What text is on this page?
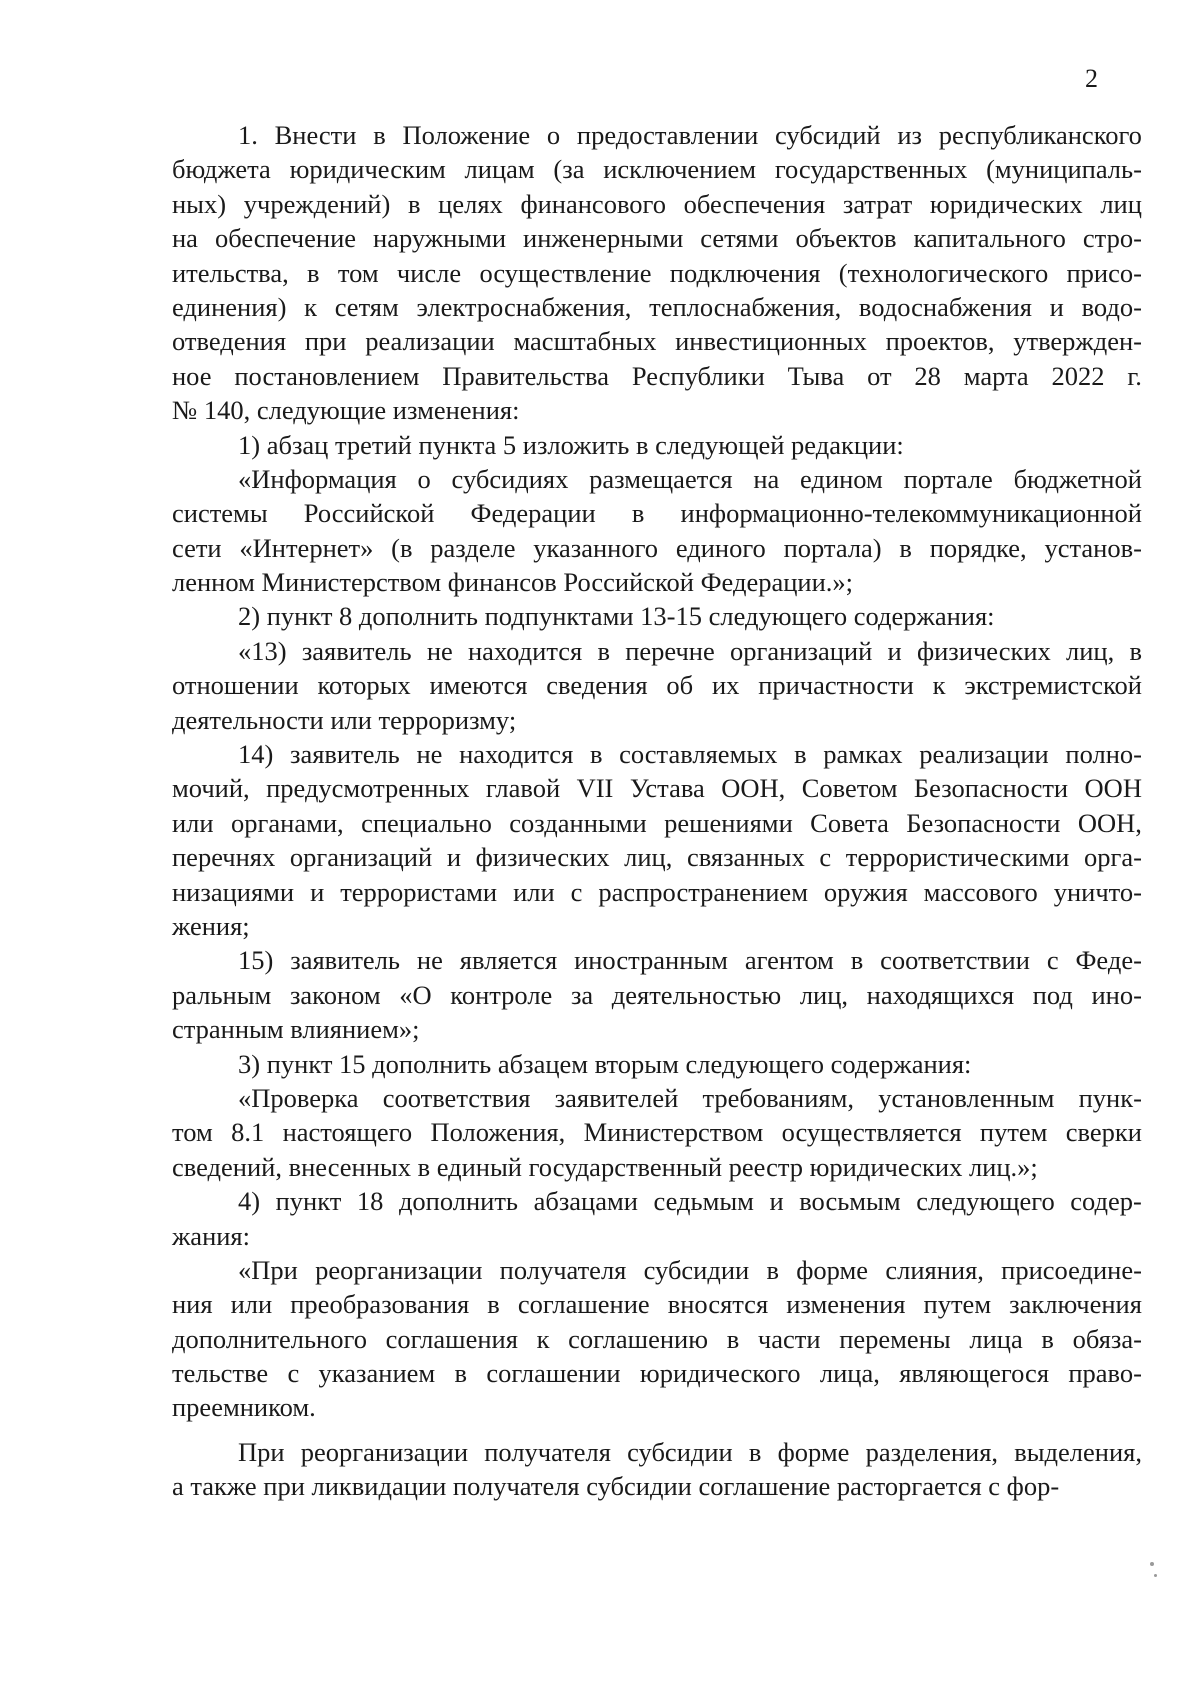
2
1. Внести в Положение о предоставлении субсидий из республиканского
бюджета юридическим лицам (за исключением государственных (муниципаль-
ных) учреждений) в целях финансового обеспечения затрат юридических лиц
на обеспечение наружными инженерными сетями объектов капитального стро-
ительства, в том числе осуществление подключения (технологического присо-
единения) к сетям электроснабжения, теплоснабжения, водоснабжения и водо-
отведения при реализации масштабных инвестиционных проектов, утвержден-
ное постановлением Правительства Республики Тыва от 28 марта 2022 г.
№ 140, следующие изменения:
1) абзац третий пункта 5 изложить в следующей редакции:
«Информация о субсидиях размещается на едином портале бюджетной
системы Российской Федерации в информационно-телекоммуникационной
сети «Интернет» (в разделе указанного единого портала) в порядке, установ-
ленном Министерством финансов Российской Федерации.»;
2) пункт 8 дополнить подпунктами 13-15 следующего содержания:
«13) заявитель не находится в перечне организаций и физических лиц, в
отношении которых имеются сведения об их причастности к экстремистской
деятельности или терроризму;
14) заявитель не находится в составляемых в рамках реализации полно-
мочий, предусмотренных главой VII Устава ООН, Советом Безопасности ООН
или органами, специально созданными решениями Совета Безопасности ООН,
перечнях организаций и физических лиц, связанных с террористическими орга-
низациями и террористами или с распространением оружия массового уничто-
жения;
15) заявитель не является иностранным агентом в соответствии с Феде-
ральным законом «О контроле за деятельностью лиц, находящихся под ино-
странным влиянием»;
3) пункт 15 дополнить абзацем вторым следующего содержания:
«Проверка соответствия заявителей требованиям, установленным пунк-
том 8.1 настоящего Положения, Министерством осуществляется путем сверки
сведений, внесенных в единый государственный реестр юридических лиц.»;
4) пункт 18 дополнить абзацами седьмым и восьмым следующего содер-
жания:
«При реорганизации получателя субсидии в форме слияния, присоедине-
ния или преобразования в соглашение вносятся изменения путем заключения
дополнительного соглашения к соглашению в части перемены лица в обяза-
тельстве с указанием в соглашении юридического лица, являющегося право-
преемником.
При реорганизации получателя субсидии в форме разделения, выделения,
а также при ликвидации получателя субсидии соглашение расторгается с фор-
